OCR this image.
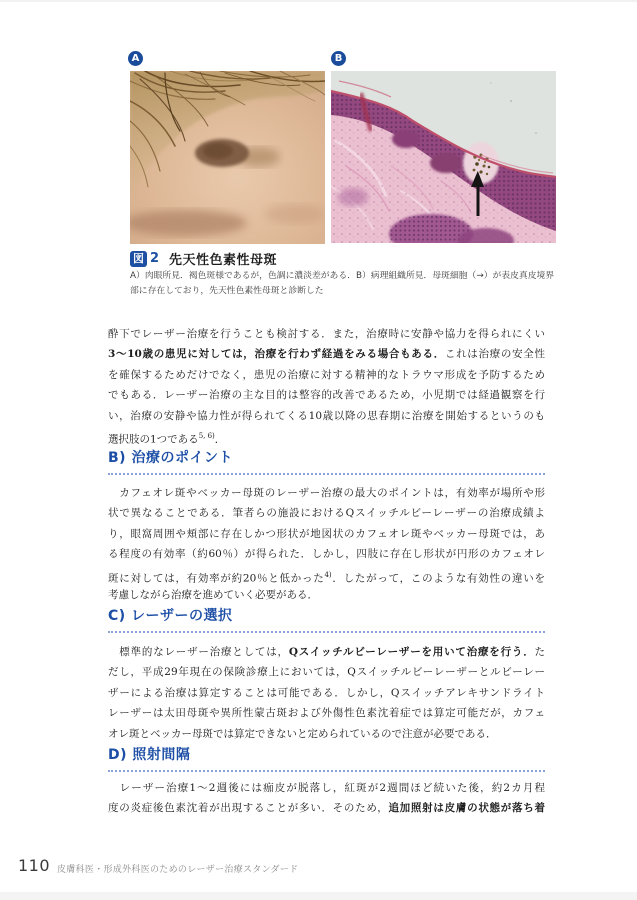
A	B
図 2 先天性色素性母斑
A）肉眼所見．褐色斑様であるが，色調に濃淡差がある．B）病理組織所見．母斑細胞（→）が表皮真皮境界
部に存在しており，先天性色素性母斑と診断した
酔下でレーザー治療を行うことも検討する．また，治療時に安静や協力を得られにくい
3〜10歳の患児に対しては，治療を行わず経過をみる場合もある．これは治療の安全性
を確保するためだけでなく，患児の治療に対する精神的なトラウマ形成を予防するため
でもある．レーザー治療の主な目的は整容的改善であるため，小児期では経過観察を行
い，治療の安静や協力性が得られてくる10歳以降の思春期に治療を開始するというのも
選択肢の1つである$^{5, 6)}$．
B) 治療のポイント
　カフェオレ斑やベッカー母斑のレーザー治療の最大のポイントは，有効率が場所や形
状で異なることである．筆者らの施設におけるQスイッチルビーレーザーの治療成績よ
り，眼窩周囲や頬部に存在しかつ形状が地図状のカフェオレ斑やベッカー母斑では，あ
る程度の有効率（約60％）が得られた．しかし，四肢に存在し形状が円形のカフェオレ
斑に対しては，有効率が約20％と低かった$^{4)}$．したがって，このような有効性の違いを
考慮しながら治療を進めていく必要がある．
C) レーザーの選択
　標準的なレーザー治療としては，Qスイッチルビーレーザーを用いて治療を行う．た
だし，平成29年現在の保険診療上においては，Qスイッチルビーレーザーとルビーレー
ザーによる治療は算定することは可能である．しかし，Qスイッチアレキサンドライト
レーザーは太田母斑や異所性蒙古斑および外傷性色素沈着症では算定可能だが，カフェ
オレ斑とベッカー母斑では算定できないと定められているので注意が必要である．
D) 照射間隔
　レーザー治療1〜2週後には痂皮が脱落し，紅斑が2週間ほど続いた後，約2カ月程
度の炎症後色素沈着が出現することが多い．そのため，追加照射は皮膚の状態が落ち着
110 皮膚科医・形成外科医のためのレーザー治療スタンダード
